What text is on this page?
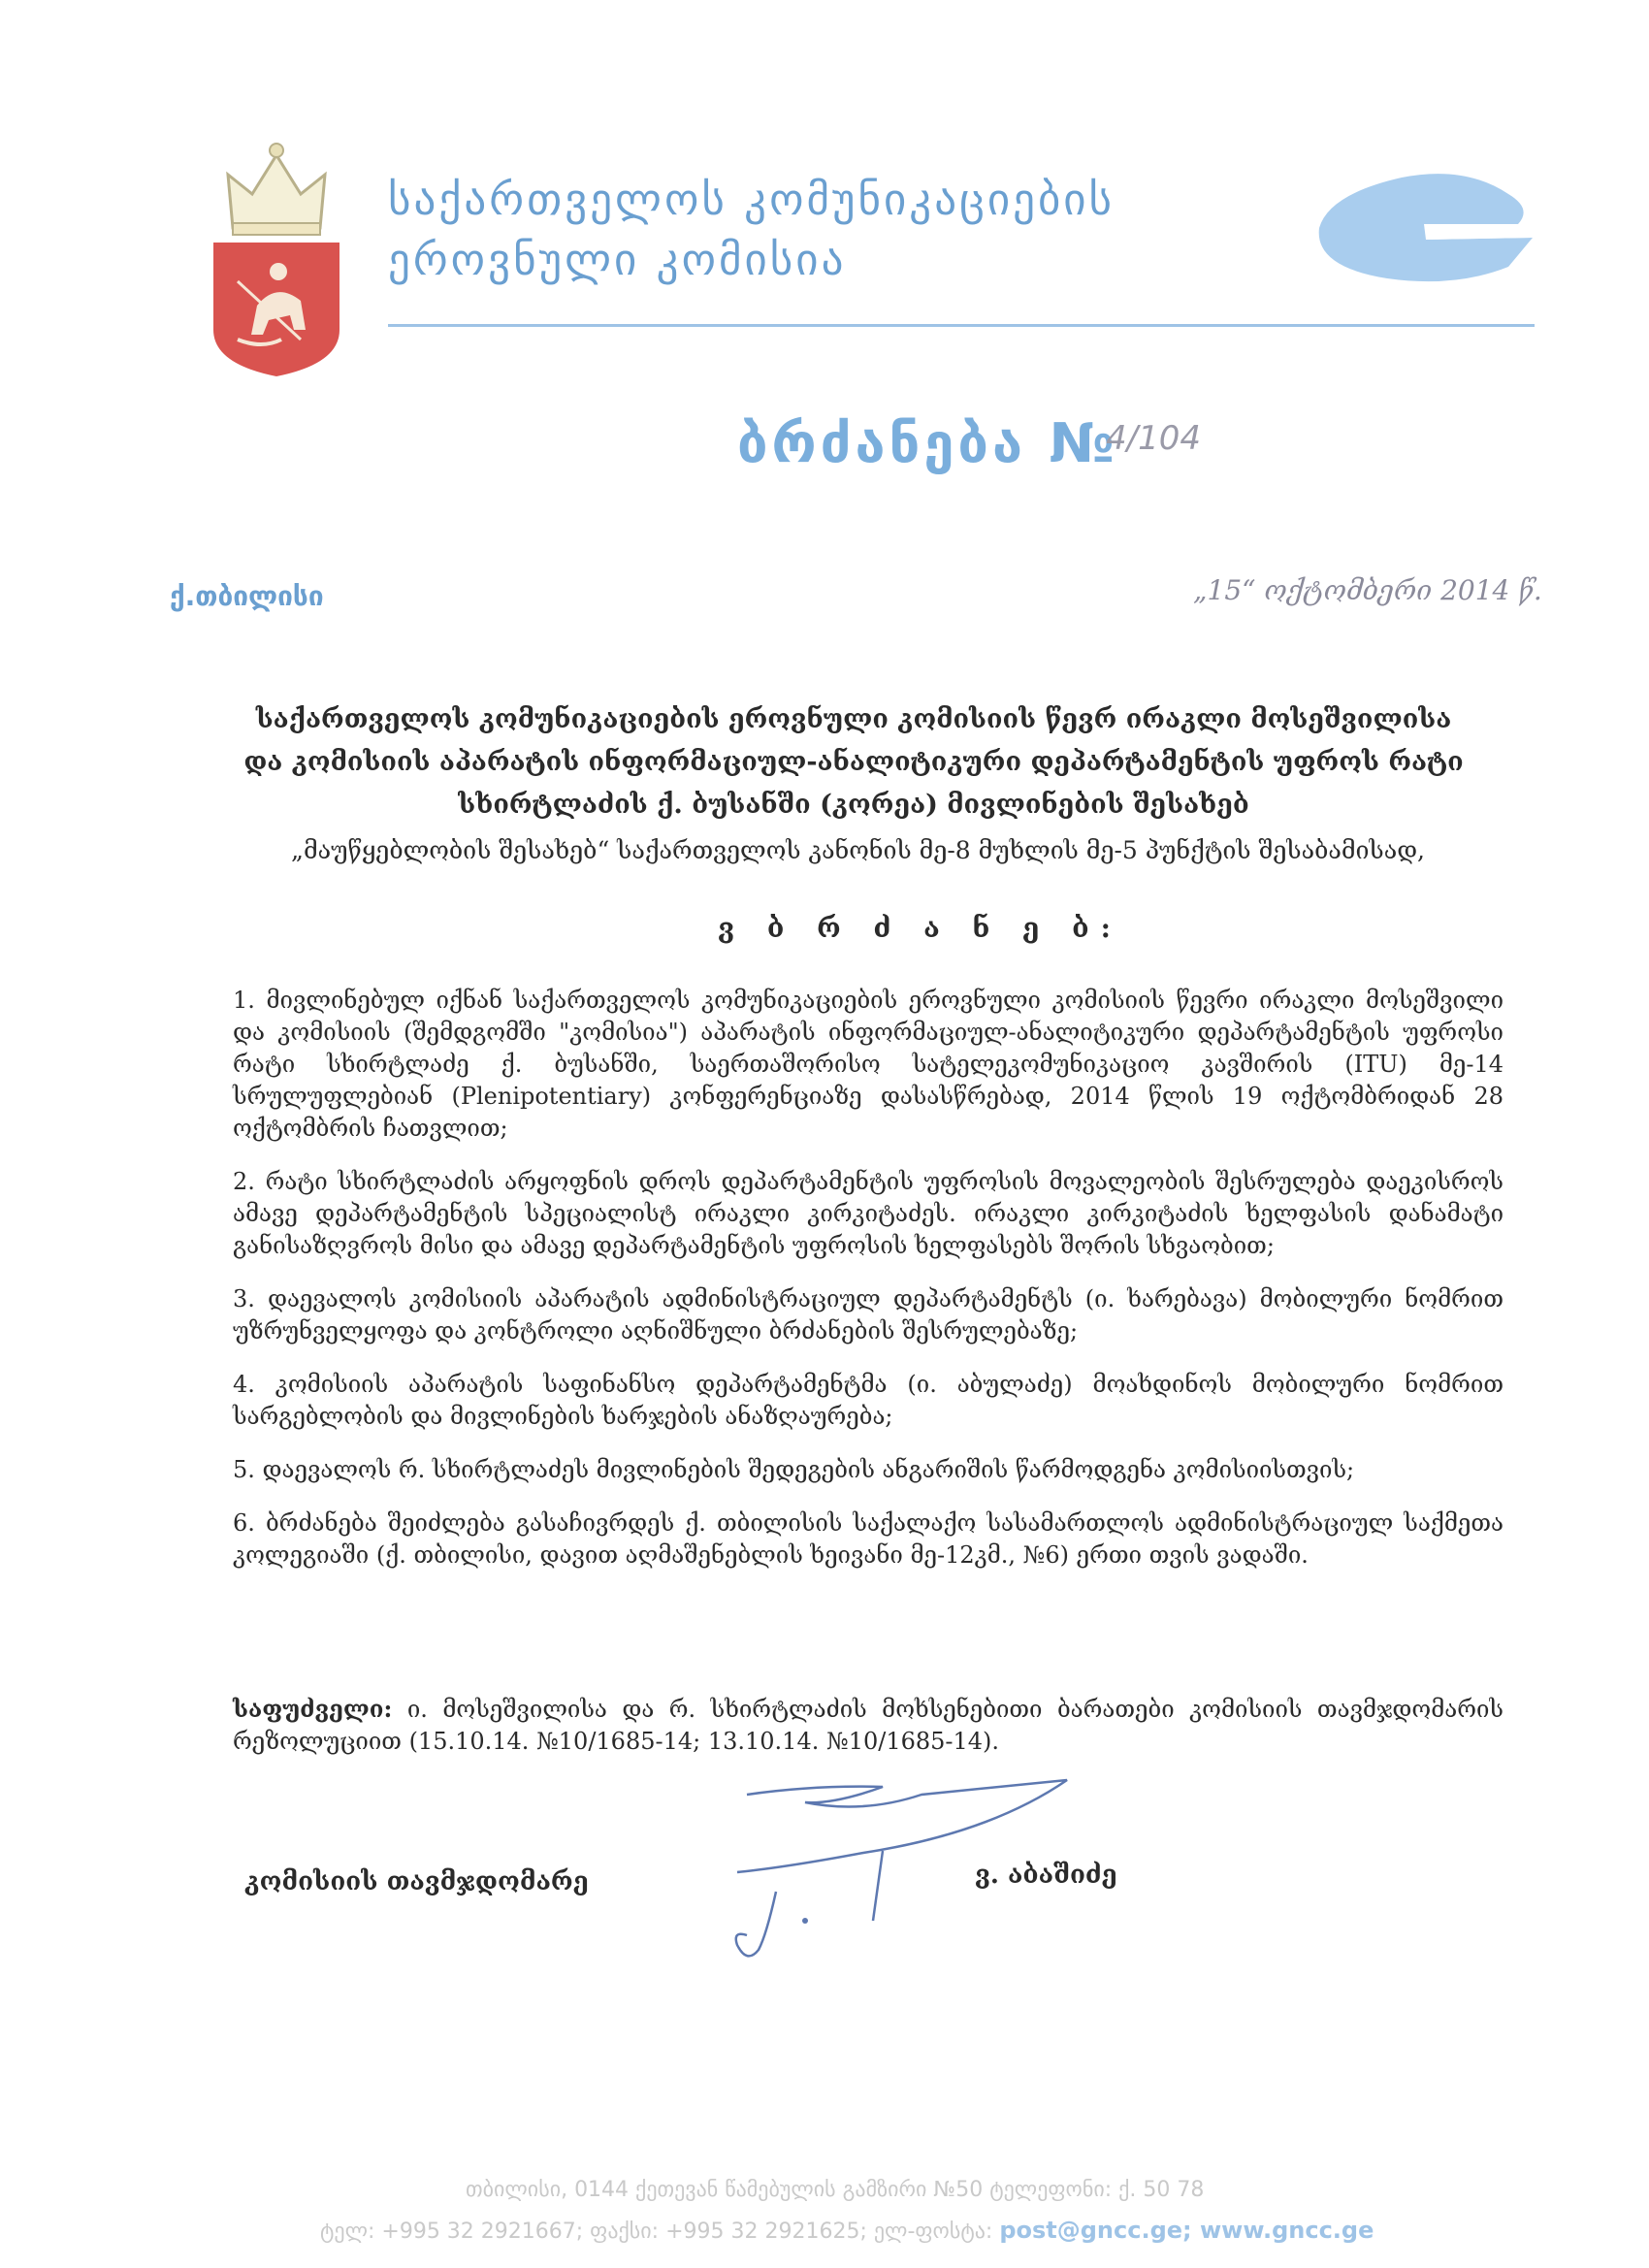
საქართველოს კომუნიკაციების
ეროვნული კომისია
ბრძანება №
4/104
ქ.თბილისი	„15“ ოქტომბერი 2014 წ.
საქართველოს კომუნიკაციების ეროვნული კომისიის წევრ ირაკლი მოსეშვილისა და კომისიის აპარატის ინფორმაციულ-ანალიტიკური დეპარტამენტის უფროს რატი სხირტლაძის ქ. ბუსანში (კორეა) მივლინების შესახებ
„მაუწყებლობის შესახებ“ საქართველოს კანონის მე-8 მუხლის მე-5 პუნქტის შესაბამისად,
ვ ბ რ ძ ა ნ ე ბ:
1. მივლინებულ იქნან საქართველოს კომუნიკაციების ეროვნული კომისიის წევრი ირაკლი მოსეშვილი და კომისიის (შემდგომში "კომისია") აპარატის ინფორმაციულ-ანალიტიკური დეპარტამენტის უფროსი რატი სხირტლაძე ქ. ბუსანში, საერთაშორისო სატელეკომუნიკაციო კავშირის (ITU) მე-14 სრულუფლებიან (Plenipotentiary) კონფერენციაზე დასასწრებად, 2014 წლის 19 ოქტომბრიდან 28 ოქტომბრის ჩათვლით;
2. რატი სხირტლაძის არყოფნის დროს დეპარტამენტის უფროსის მოვალეობის შესრულება დაეკისროს ამავე დეპარტამენტის სპეციალისტ ირაკლი კირკიტაძეს. ირაკლი კირკიტაძის ხელფასის დანამატი განისაზღვროს მისი და ამავე დეპარტამენტის უფროსის ხელფასებს შორის სხვაობით;
3. დაევალოს კომისიის აპარატის ადმინისტრაციულ დეპარტამენტს (ი. ხარებავა) მობილური ნომრით უზრუნველყოფა და კონტროლი აღნიშნული ბრძანების შესრულებაზე;
4. კომისიის აპარატის საფინანსო დეპარტამენტმა (ი. აბულაძე) მოახდინოს მობილური ნომრით სარგებლობის და მივლინების ხარჯების ანაზღაურება;
5. დაევალოს რ. სხირტლაძეს მივლინების შედეგების ანგარიშის წარმოდგენა კომისიისთვის;
6. ბრძანება შეიძლება გასაჩივრდეს ქ. თბილისის საქალაქო სასამართლოს ადმინისტრაციულ საქმეთა კოლეგიაში (ქ. თბილისი, დავით აღმაშენებლის ხეივანი მე-12კმ., №6) ერთი თვის ვადაში.
საფუძველი: ი. მოსეშვილისა და რ. სხირტლაძის მოხსენებითი ბარათები კომისიის თავმჯდომარის რეზოლუციით (15.10.14. №10/1685-14; 13.10.14. №10/1685-14).
კომისიის თავმჯდომარე	ვ. აბაშიძე
თბილისი, 0144 ქეთევან წამებულის გამზირი №50 ტელეფონი: ქ. 50 78
ტელ: +995 32 2921667; ფაქსი: +995 32 2921625; ელ-ფოსტა: post@gncc.ge; www.gncc.ge
